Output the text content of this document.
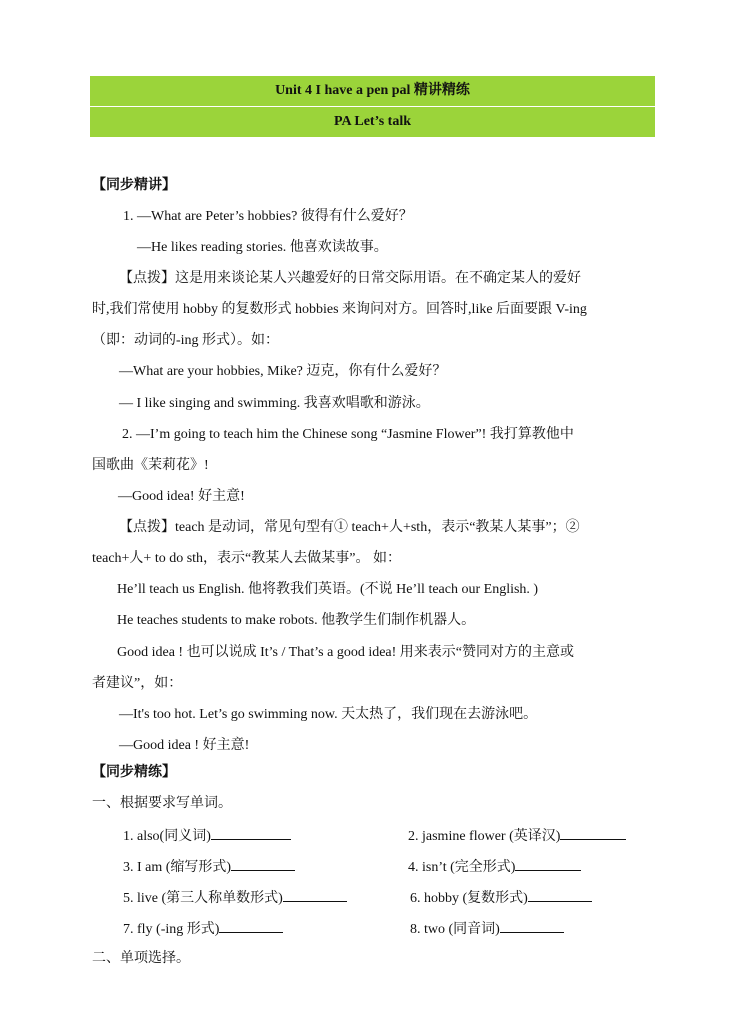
Unit 4 I have a pen pal 精讲精练
PA Let’s talk
【同步精讲】
1. —What are Peter’s hobbies? 彼得有什么爱好？
—He likes reading stories. 他喜欢读故事。
【点拨】这是用来谈论某人兴趣爱好的日常交际用语。在不确定某人的爱好
时,我们常使用 hobby 的复数形式 hobbies 来询问对方。回答时,like 后面要跟 V-ing
（即：动词的-ing 形式）。如：
—What are your hobbies, Mike? 迈克，你有什么爱好？
— I like singing and swimming. 我喜欢唱歌和游泳。
2. —I’m going to teach him the Chinese song “Jasmine Flower”! 我打算教他中
国歌曲《茉莉花》!
—Good idea! 好主意!
【点拨】teach 是动词，常见句型有① teach+人+sth，表示“教某人某事”；②
teach+人+ to do sth，表示“教某人去做某事”。 如：
He’ll teach us English. 他将教我们英语。(不说 He’ll teach our English. )
He teaches students to make robots. 他教学生们制作机器人。
Good idea ! 也可以说成 It’s / That’s a good idea! 用来表示“赞同对方的主意或
者建议”，如：
—It's too hot. Let’s go swimming now. 天太热了，我们现在去游泳吧。
—Good idea ! 好主意!
【同步精练】
一、根据要求写单词。
1. also(同义词)	2. jasmine flower (英译汉)
3. I am (缩写形式)	4. isn’t (完全形式)
5. live (第三人称单数形式)	6. hobby (复数形式)
7. fly (-ing 形式)	8. two (同音词)
二、单项选择。
